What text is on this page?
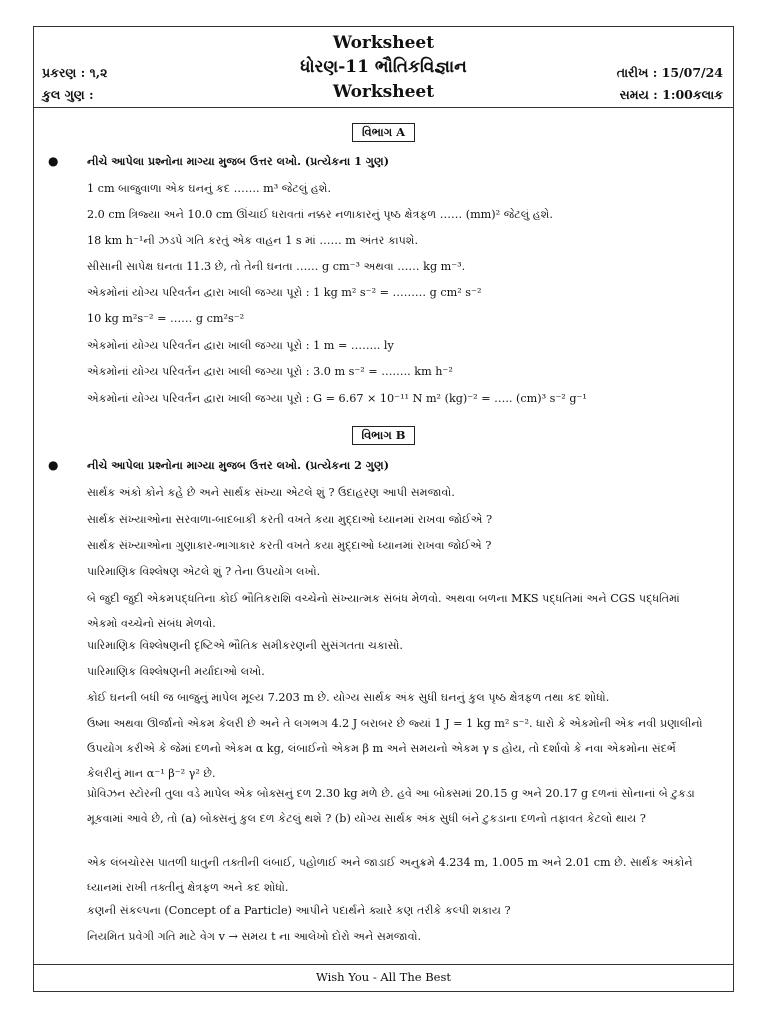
Worksheet
ધોરણ-11 ભૌતિકવિજ્ઞાન
Worksheet
પ્રકરણ : ૧,૨
કુલ ગુણ :
તારીખ : 15/07/24
સમય : 1:00કલાક
વિભાગ A
●	નીચે આપેલા પ્રશ્નોના માગ્યા મુજબ ઉત્તર લખો. (પ્રત્યેકના 1 ગુણ)
1 cm બાજુવાળા એક ઘનનું કદ ……. m³ જેટલું હશે.
2.0 cm ત્રિજ્યા અને 10.0 cm ઊંચાઈ ધરાવતાં નક્કર નળાકારનું પૃષ્ઠ ક્ષેત્રફળ …… (mm)² જેટલું હશે.
18 km h⁻¹ની ઝડપે ગતિ કરતું એક વાહન 1 s માં …… m અંતર કાપશે.
સીસાની સાપેક્ષ ઘનતા 11.3 છે, તો તેની ઘનતા …… g cm⁻³ અથવા …… kg m⁻³.
એકમોનાં યોગ્ય પરિવર્તન દ્વારા ખાલી જગ્યા પૂરો : 1 kg m² s⁻² = ……… g cm² s⁻²
10 kg m²s⁻² = …… g cm²s⁻²
એકમોનાં યોગ્ય પરિવર્તન દ્વારા ખાલી જગ્યા પૂરો : 1 m = …….. ly
એકમોનાં યોગ્ય પરિવર્તન દ્વારા ખાલી જગ્યા પૂરો : 3.0 m s⁻² = …….. km h⁻²
એકમોનાં યોગ્ય પરિવર્તન દ્વારા ખાલી જગ્યા પૂરો : G = 6.67 × 10⁻¹¹ N m² (kg)⁻² = ….. (cm)³ s⁻² g⁻¹
વિભાગ B
●	નીચે આપેલા પ્રશ્નોના માગ્યા મુજબ ઉત્તર લખો. (પ્રત્યેકના 2 ગુણ)
સાર્થક અંકો કોને કહે છે અને સાર્થક સંખ્યા એટલે શું ? ઉદાહરણ આપી સમજાવો.
સાર્થક સંખ્યાઓના સરવાળા-બાદબાકી કરતી વખતે કયા મુદ્દાઓ ધ્યાનમાં રાખવા જોઈએ ?
સાર્થક સંખ્યાઓના ગુણાકાર-ભાગાકાર કરતી વખતે કયા મુદ્દાઓ ધ્યાનમાં રાખવા જોઈએ ?
પારિમાણિક વિશ્લેષણ એટલે શું ? તેના ઉપયોગ લખો.
બે જુદી જુદી એકમપદ્ધતિના કોઈ ભૌતિકરાશિ વચ્ચેનો સંખ્યાત્મક સંબંધ મેળવો. અથવા બળના MKS પદ્ધતિમાં અને CGS પદ્ધતિમાં એકમો વચ્ચેનો સંબંધ મેળવો.
પારિમાણિક વિશ્લેષણની દૃષ્ટિએ ભૌતિક સમીકરણની સુસંગતતા ચકાસો.
પારિમાણિક વિશ્લેષણની મર્યાદાઓ લખો.
કોઈ ઘનની બધી જ બાજુનું માપેલ મૂલ્ય 7.203 m છે. યોગ્ય સાર્થક અંક સુધી ઘનનું કુલ પૃષ્ઠ ક્ષેત્રફળ તથા કદ શોધો.
ઉષ્મા અથવા ઊર્જાનો એકમ કેલરી છે અને તે લગભગ 4.2 J બરાબર છે જ્યાં 1 J = 1 kg m² s⁻². ધારો કે એકમોની એક નવી પ્રણાલીનો ઉપયોગ કરીએ કે જેમાં દળનો એકમ α kg, લંબાઈનો એકમ β m અને સમયનો એકમ γ s હોય, તો દર્શાવો કે નવા એકમોના સંદર્ભે કેલરીનું માન α⁻¹ β⁻² γ² છે.
પ્રોવિઝન સ્ટોરની તુલા વડે માપેલ એક બોક્સનું દળ 2.30 kg મળે છે. હવે આ બોક્સમાં 20.15 g અને 20.17 g દળનાં સોનાનાં બે ટુકડા મૂકવામાં આવે છે, તો (a) બોક્સનું કુલ દળ કેટલું થશે ? (b) યોગ્ય સાર્થક અંક સુધી બંને ટુકડાના દળનો તફાવત કેટલો થાય ?
એક લંબચોરસ પાતળી ધાતુની તક્તીની લંબાઈ, પહોળાઈ અને જાડાઈ અનુક્રમે 4.234 m, 1.005 m અને 2.01 cm છે. સાર્થક અંકોને ધ્યાનમાં રાખી તક્તીનું ક્ષેત્રફળ અને કદ શોધો.
કણની સંકલ્પના (Concept of a Particle) આપીને પદાર્થને ક્યારે કણ તરીકે કલ્પી શકાય ?
નિયમિત પ્રવેગી ગતિ માટે વેગ v → સમય t ના આલેખો દોરો અને સમજાવો.
Wish You - All The Best
